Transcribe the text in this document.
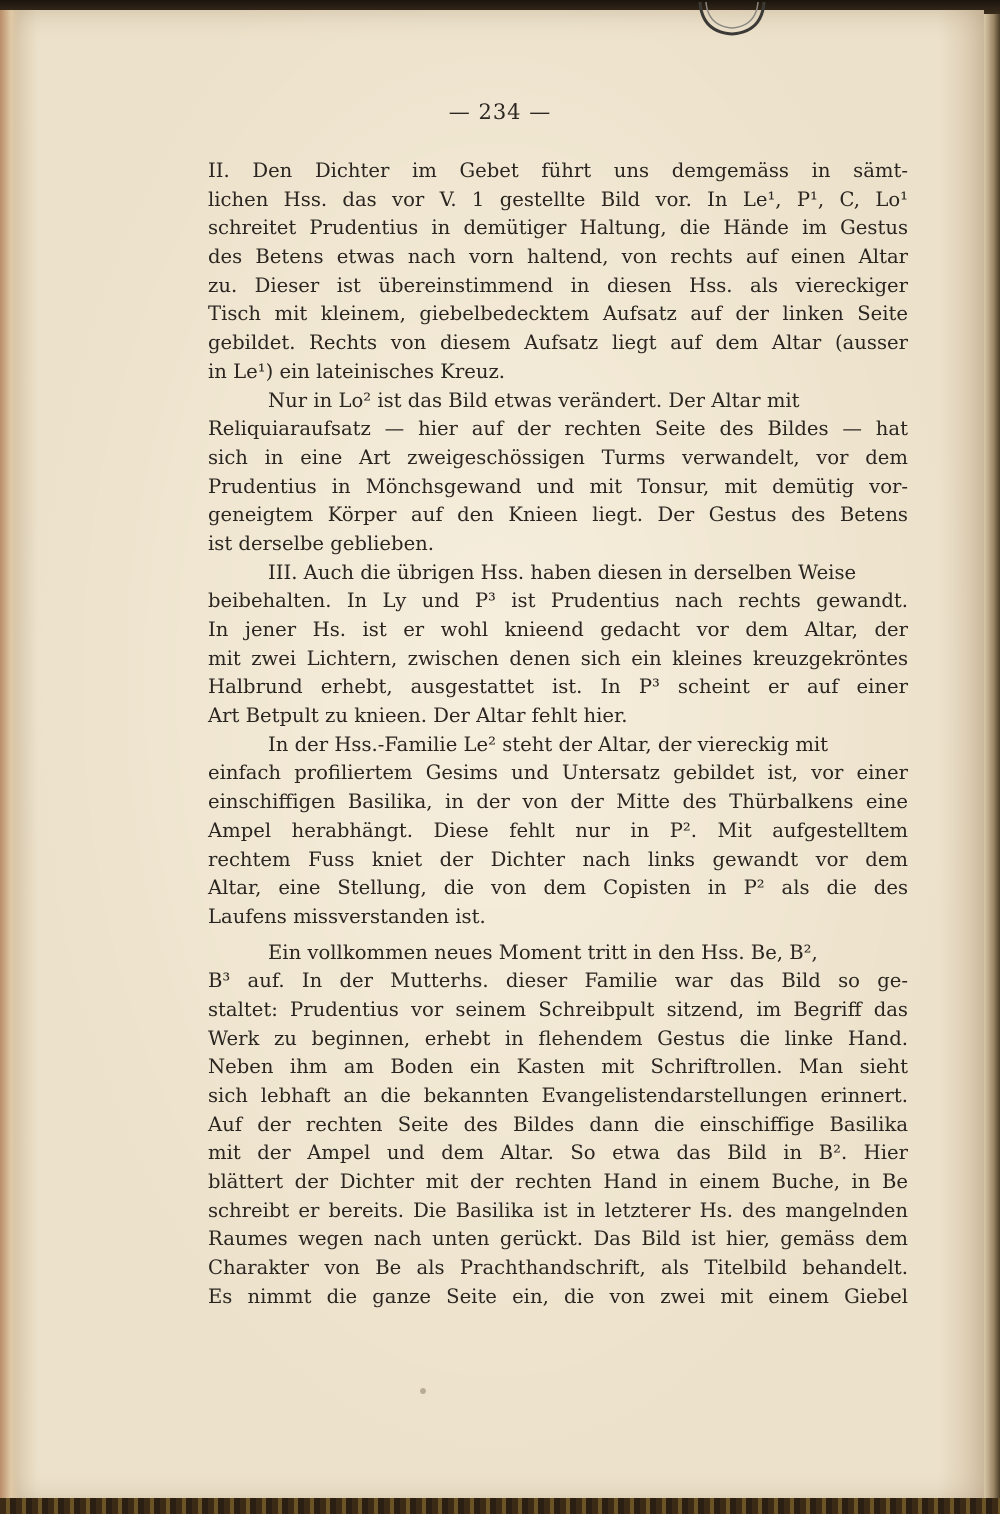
— 234 —

II. Den Dichter im Gebet führt uns demgemäss in sämt-

lichen Hss. das vor V. 1 gestellte Bild vor. In Le¹, P¹, C, Lo¹

schreitet Prudentius in demütiger Haltung, die Hände im Gestus

des Betens etwas nach vorn haltend, von rechts auf einen Altar

zu. Dieser ist übereinstimmend in diesen Hss. als viereckiger

Tisch mit kleinem, giebelbedecktem Aufsatz auf der linken Seite

gebildet. Rechts von diesem Aufsatz liegt auf dem Altar (ausser

in Le¹) ein lateinisches Kreuz.

Nur in Lo² ist das Bild etwas verändert. Der Altar mit

Reliquiaraufsatz — hier auf der rechten Seite des Bildes — hat

sich in eine Art zweigeschössigen Turms verwandelt, vor dem

Prudentius in Mönchsgewand und mit Tonsur, mit demütig vor-

geneigtem Körper auf den Knieen liegt. Der Gestus des Betens

ist derselbe geblieben.

III. Auch die übrigen Hss. haben diesen in derselben Weise

beibehalten. In Ly und P³ ist Prudentius nach rechts gewandt.

In jener Hs. ist er wohl knieend gedacht vor dem Altar, der

mit zwei Lichtern, zwischen denen sich ein kleines kreuzgekröntes

Halbrund erhebt, ausgestattet ist. In P³ scheint er auf einer

Art Betpult zu knieen. Der Altar fehlt hier.

In der Hss.-Familie Le² steht der Altar, der viereckig mit

einfach profiliertem Gesims und Untersatz gebildet ist, vor einer

einschiffigen Basilika, in der von der Mitte des Thürbalkens eine

Ampel herabhängt. Diese fehlt nur in P². Mit aufgestelltem

rechtem Fuss kniet der Dichter nach links gewandt vor dem

Altar, eine Stellung, die von dem Copisten in P² als die des

Laufens missverstanden ist.

Ein vollkommen neues Moment tritt in den Hss. Be, B²,

B³ auf. In der Mutterhs. dieser Familie war das Bild so ge-

staltet: Prudentius vor seinem Schreibpult sitzend, im Begriff das

Werk zu beginnen, erhebt in flehendem Gestus die linke Hand.

Neben ihm am Boden ein Kasten mit Schriftrollen. Man sieht

sich lebhaft an die bekannten Evangelistendarstellungen erinnert.

Auf der rechten Seite des Bildes dann die einschiffige Basilika

mit der Ampel und dem Altar. So etwa das Bild in B². Hier

blättert der Dichter mit der rechten Hand in einem Buche, in Be

schreibt er bereits. Die Basilika ist in letzterer Hs. des mangelnden

Raumes wegen nach unten gerückt. Das Bild ist hier, gemäss dem

Charakter von Be als Prachthandschrift, als Titelbild behandelt.

Es nimmt die ganze Seite ein, die von zwei mit einem Giebel
